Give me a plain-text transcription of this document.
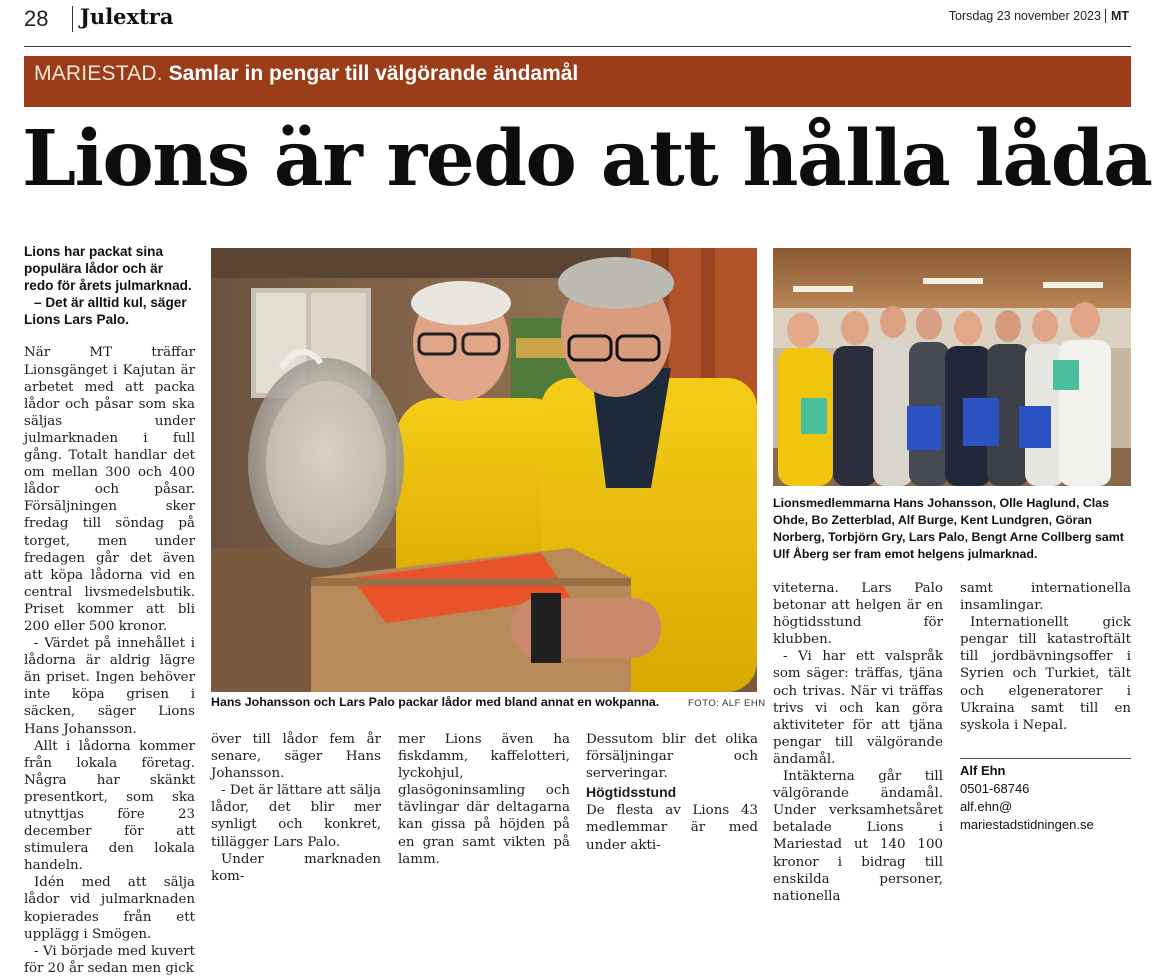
28 Julextra	Torsdag 23 november 2023 MT
MARIESTAD. Samlar in pengar till välgörande ändamål
Lions är redo att hålla låda

Lions har packat sina populära lådor och är redo för årets julmarknad.
– Det är alltid kul, säger Lions Lars Palo.

När MT träffar Lionsgänget i Kajutan är arbetet med att packa lådor och påsar som ska säljas under julmarknaden i full gång. Totalt handlar det om mellan 300 och 400 lådor och påsar. Försäljningen sker fredag till söndag på torget, men under fredagen går det även att köpa lådorna vid en central livsmedelsbutik. Priset kommer att bli 200 eller 500 kronor.

- Värdet på innehållet i lådorna är aldrig lägre än priset. Ingen behöver inte köpa grisen i säcken, säger Lions Hans Johansson.

Allt i lådorna kommer från lokala företag. Några har skänkt presentkort, som ska utnyttjas före 23 december för att stimulera den lokala handeln.

Idén med att sälja lådor vid julmarknaden kopierades från ett upplägg i Smögen.

- Vi började med kuvert för 20 år sedan men gick

Hans Johansson och Lars Palo packar lådor med bland annat en wokpanna.	FOTO: ALF EHN
Lionsmedlemmarna Hans Johansson, Olle Haglund, Clas Ohde, Bo Zetterblad, Alf Burge, Kent Lundgren, Göran Norberg, Torbjörn Gry, Lars Palo, Bengt Arne Collberg samt Ulf Åberg ser fram emot helgens julmarknad.

över till lådor fem år senare, säger Hans Johansson.

- Det är lättare att sälja lådor, det blir mer synligt och konkret, tillägger Lars Palo.

Under marknaden kom-

mer Lions även ha fiskdamm, kaffelotteri, lyckohjul, glasögoninsamling och tävlingar där deltagarna kan gissa på höjden på en gran samt vikten på lamm.

Dessutom blir det olika försäljningar och serveringar.

Högtidsstund

De flesta av Lions 43 medlemmar är med under akti-

viteterna. Lars Palo betonar att helgen är en högtidsstund för klubben.

- Vi har ett valspråk som säger: träffas, tjäna och trivas. När vi träffas trivs vi och kan göra aktiviteter för att tjäna pengar till välgörande ändamål.

Intäkterna går till välgörande ändamål. Under verksamhetsåret betalade Lions i Mariestad ut 140 100 kronor i bidrag till enskilda personer, nationella

samt internationella insamlingar.

Internationellt gick pengar till katastroftält till jordbävningsoffer i Syrien och Turkiet, tält och elgeneratorer i Ukraina samt till en syskola i Nepal.

Alf Ehn
0501-68746
alf.ehn@
mariestadstidningen.se
